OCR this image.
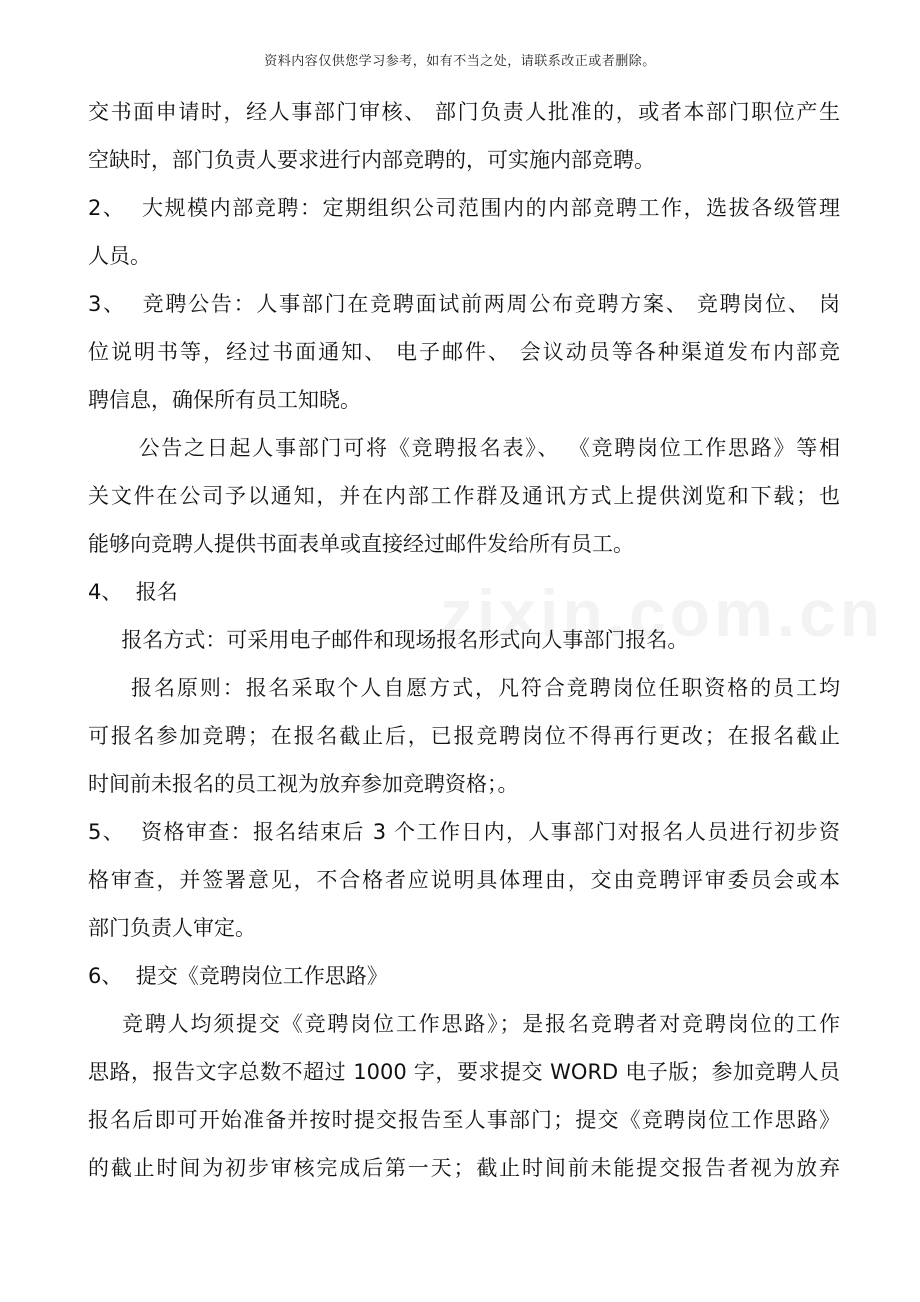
资料内容仅供您学习参考，如有不当之处，请联系改正或者删除。
交书面申请时，经人事部门审核、 部门负责人批准的，或者本部门职位产生
空缺时，部门负责人要求进行内部竞聘的，可实施内部竞聘。
2、  大规模内部竞聘：定期组织公司范围内的内部竞聘工作，选拔各级管理
人员。
3、  竞聘公告：人事部门在竞聘面试前两周公布竞聘方案、 竞聘岗位、 岗
位说明书等，经过书面通知、 电子邮件、 会议动员等各种渠道发布内部竞
聘信息，确保所有员工知晓。
公告之日起人事部门可将《竞聘报名表》、 《竞聘岗位工作思路》等相
关文件在公司予以通知，并在内部工作群及通讯方式上提供浏览和下载；也
能够向竞聘人提供书面表单或直接经过邮件发给所有员工。
4、  报名
报名方式：可采用电子邮件和现场报名形式向人事部门报名。
报名原则：报名采取个人自愿方式，凡符合竞聘岗位任职资格的员工均
可报名参加竞聘；在报名截止后，已报竞聘岗位不得再行更改；在报名截止
时间前未报名的员工视为放弃参加竞聘资格；。
5、  资格审查：报名结束后 3 个工作日内，人事部门对报名人员进行初步资
格审查，并签署意见，不合格者应说明具体理由，交由竞聘评审委员会或本
部门负责人审定。
6、  提交《竞聘岗位工作思路》
竞聘人均须提交《竞聘岗位工作思路》；是报名竞聘者对竞聘岗位的工作
思路，报告文字总数不超过 1000 字，要求提交 WORD 电子版；参加竞聘人员
报名后即可开始准备并按时提交报告至人事部门；提交《竞聘岗位工作思路》
的截止时间为初步审核完成后第一天；截止时间前未能提交报告者视为放弃
